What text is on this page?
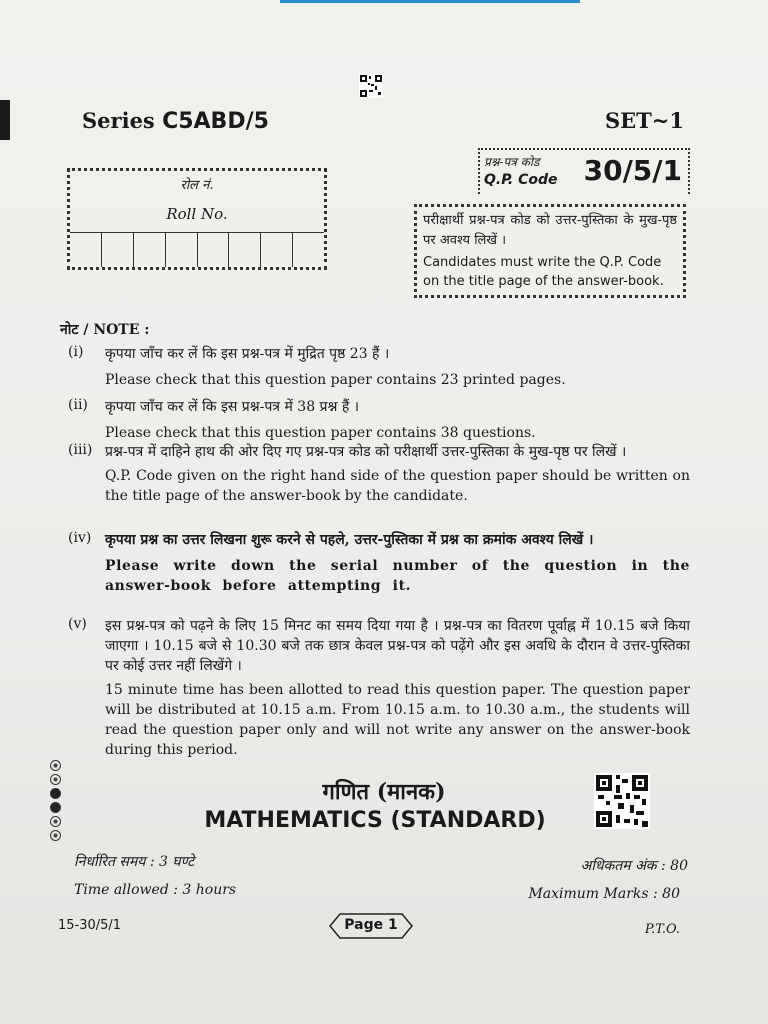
Series C5ABD/5	SET~1
रोल नं.
Roll No.
प्रश्न-पत्र कोड
Q.P. Code 30/5/1
परीक्षार्थी प्रश्न-पत्र कोड को उत्तर-पुस्तिका के मुख-पृष्ठ पर अवश्य लिखें ।
Candidates must write the Q.P. Code on the title page of the answer-book.
नोट / NOTE :
(i) कृपया जाँच कर लें कि इस प्रश्न-पत्र में मुद्रित पृष्ठ 23 हैं ।
Please check that this question paper contains 23 printed pages.
(ii) कृपया जाँच कर लें कि इस प्रश्न-पत्र में 38 प्रश्न हैं ।
Please check that this question paper contains 38 questions.
(iii) प्रश्न-पत्र में दाहिने हाथ की ओर दिए गए प्रश्न-पत्र कोड को परीक्षार्थी उत्तर-पुस्तिका के मुख-पृष्ठ पर लिखें ।
Q.P. Code given on the right hand side of the question paper should be written on the title page of the answer-book by the candidate.
(iv) कृपया प्रश्न का उत्तर लिखना शुरू करने से पहले, उत्तर-पुस्तिका में प्रश्न का क्रमांक अवश्य लिखें ।
Please write down the serial number of the question in the answer-book before attempting it.
(v) इस प्रश्न-पत्र को पढ़ने के लिए 15 मिनट का समय दिया गया है । प्रश्न-पत्र का वितरण पूर्वाह्न में 10.15 बजे किया जाएगा । 10.15 बजे से 10.30 बजे तक छात्र केवल प्रश्न-पत्र को पढ़ेंगे और इस अवधि के दौरान वे उत्तर-पुस्तिका पर कोई उत्तर नहीं लिखेंगे ।
15 minute time has been allotted to read this question paper. The question paper will be distributed at 10.15 a.m. From 10.15 a.m. to 10.30 a.m., the students will read the question paper only and will not write any answer on the answer-book during this period.
गणित (मानक)
MATHEMATICS (STANDARD)
निर्धारित समय : 3 घण्टे
Time allowed : 3 hours
अधिकतम अंक : 80
Maximum Marks : 80
15-30/5/1	Page 1	P.T.O.
